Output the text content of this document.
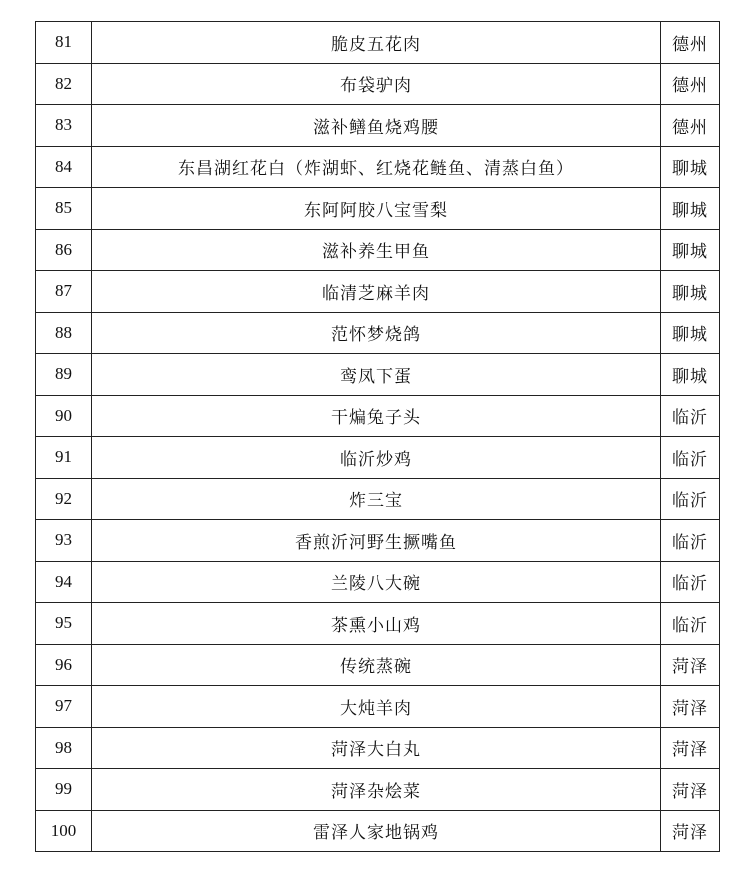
81	脆皮五花肉	德州
82	布袋驴肉	德州
83	滋补鳝鱼烧鸡腰	德州
84	东昌湖红花白（炸湖虾、红烧花鲢鱼、清蒸白鱼）	聊城
85	东阿阿胶八宝雪梨	聊城
86	滋补养生甲鱼	聊城
87	临清芝麻羊肉	聊城
88	范怀梦烧鸽	聊城
89	鸾凤下蛋	聊城
90	干煸兔子头	临沂
91	临沂炒鸡	临沂
92	炸三宝	临沂
93	香煎沂河野生撅嘴鱼	临沂
94	兰陵八大碗	临沂
95	茶熏小山鸡	临沂
96	传统蒸碗	菏泽
97	大炖羊肉	菏泽
98	菏泽大白丸	菏泽
99	菏泽杂烩菜	菏泽
100	雷泽人家地锅鸡	菏泽
